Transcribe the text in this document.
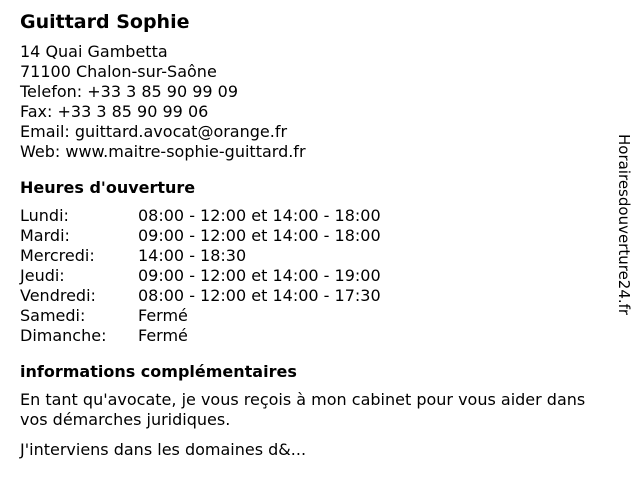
Guittard Sophie
14 Quai Gambetta
71100 Chalon-sur-Saône
Telefon: +33 3 85 90 99 09
Fax: +33 3 85 90 99 06
Email: guittard.avocat@orange.fr
Web: www.maitre-sophie-guittard.fr
Heures d'ouverture
Lundi:	08:00 - 12:00 et 14:00 - 18:00
Mardi:	09:00 - 12:00 et 14:00 - 18:00
Mercredi:	14:00 - 18:30
Jeudi:	09:00 - 12:00 et 14:00 - 19:00
Vendredi:	08:00 - 12:00 et 14:00 - 17:30
Samedi:	Fermé
Dimanche:	Fermé
informations complémentaires
En tant qu'avocate, je vous reçois à mon cabinet pour vous aider dans vos démarches juridiques.
J'interviens dans les domaines d&...
Horairesdouverture24.fr
